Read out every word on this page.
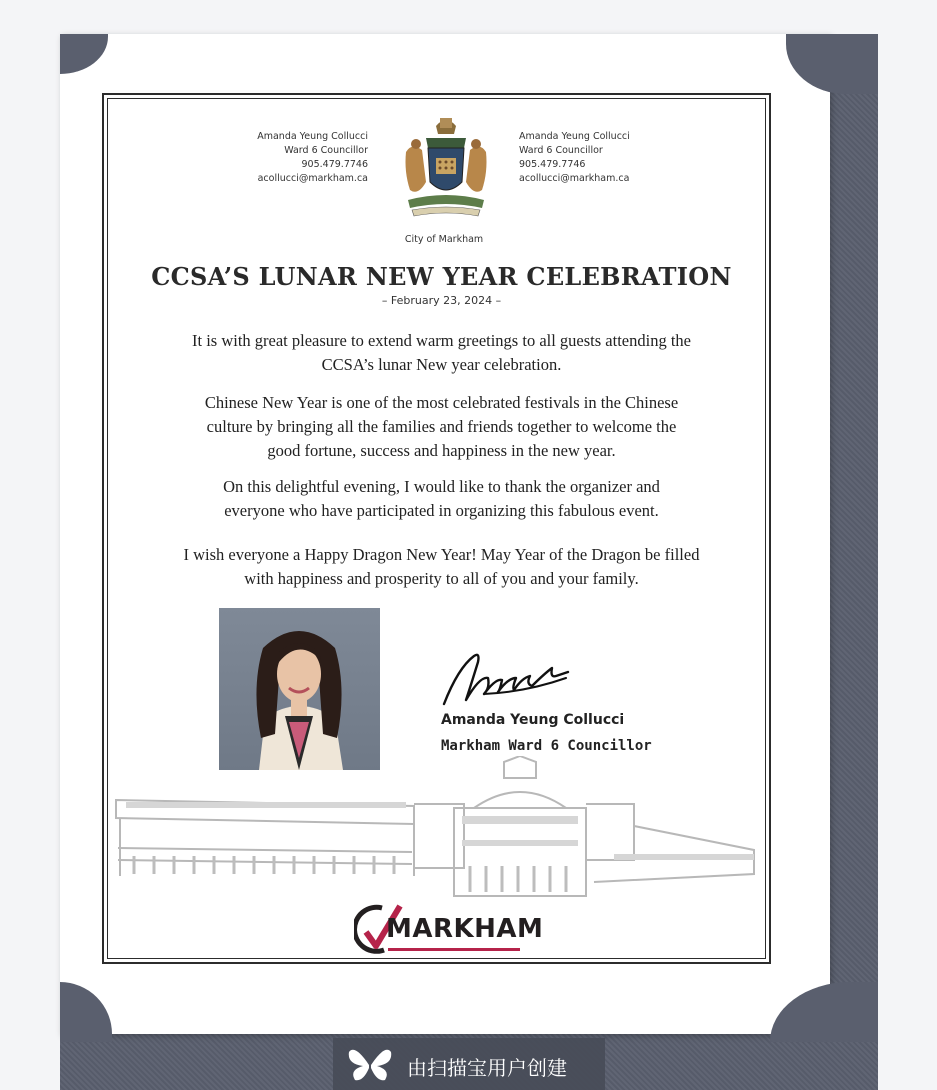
Amanda Yeung Collucci
Ward 6 Councillor
905.479.7746
acollucci@markham.ca
Amanda Yeung Collucci
Ward 6 Councillor
905.479.7746
acollucci@markham.ca
City of Markham
CCSA’S LUNAR NEW YEAR CELEBRATION
– February 23, 2024 –
It is with great pleasure to extend warm greetings to all guests attending the
CCSA’s lunar New year celebration.
Chinese New Year is one of the most celebrated festivals in the Chinese
culture by bringing all the families and friends together to welcome the
good fortune, success and happiness in the new year.
On this delightful evening, I would like to thank the organizer and
everyone who have participated in organizing this fabulous event.
I wish everyone a Happy Dragon New Year! May Year of the Dragon be filled
with happiness and prosperity to all of you and your family.
Amanda Yeung Collucci
Markham Ward 6 Councillor
MARKHAM
由扫描宝用户创建
